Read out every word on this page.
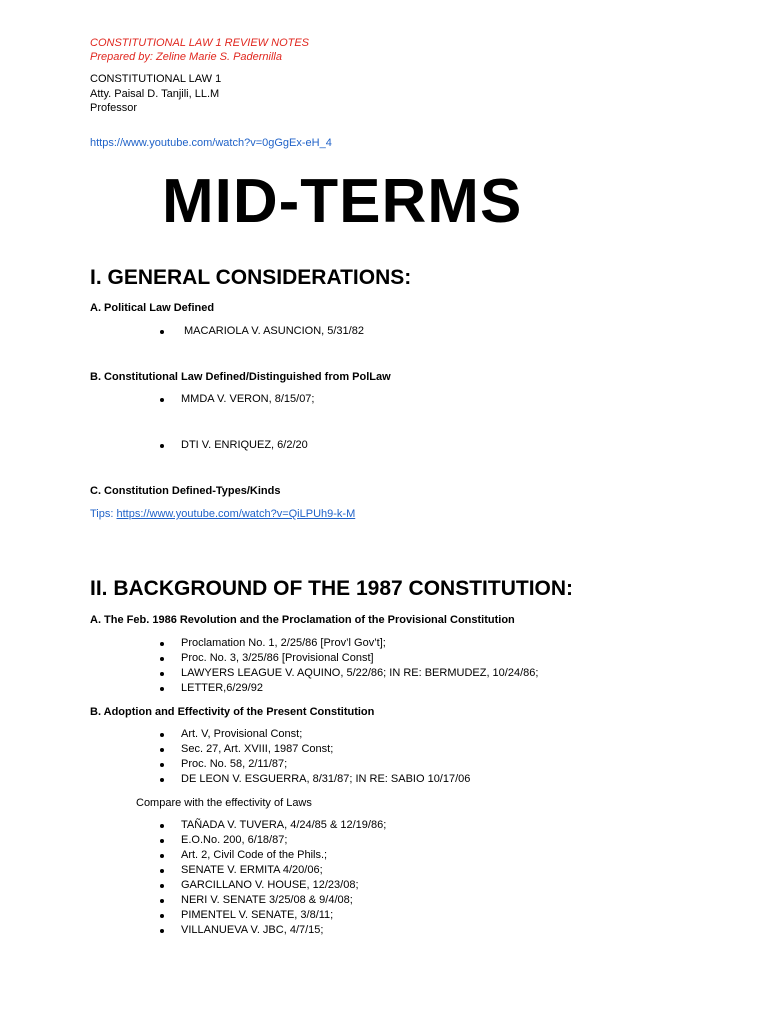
CONSTITUTIONAL LAW 1 REVIEW NOTES
Prepared by: Zeline Marie S. Padernilla
CONSTITUTIONAL LAW 1
Atty. Paisal D. Tanjili, LL.M
Professor
https://www.youtube.com/watch?v=0gGgEx-eH_4
MID-TERMS
I. GENERAL CONSIDERATIONS:
A. Political Law Defined
MACARIOLA V. ASUNCION, 5/31/82
B. Constitutional Law Defined/Distinguished from PolLaw
MMDA V. VERON, 8/15/07;
DTI V. ENRIQUEZ, 6/2/20
C. Constitution Defined-Types/Kinds
Tips: https://www.youtube.com/watch?v=QiLPUh9-k-M
II. BACKGROUND OF THE 1987 CONSTITUTION:
A. The Feb. 1986 Revolution and the Proclamation of the Provisional Constitution
Proclamation No. 1, 2/25/86 [Prov’l Gov’t];
Proc. No. 3, 3/25/86 [Provisional Const]
LAWYERS LEAGUE V. AQUINO, 5/22/86; IN RE: BERMUDEZ, 10/24/86;
LETTER,6/29/92
B. Adoption and Effectivity of the Present Constitution
Art. V, Provisional Const;
Sec. 27, Art. XVIII, 1987 Const;
Proc. No. 58, 2/11/87;
DE LEON V. ESGUERRA, 8/31/87; IN RE: SABIO 10/17/06
Compare with the effectivity of Laws
TAÑADA V. TUVERA, 4/24/85 & 12/19/86;
E.O.No. 200, 6/18/87;
Art. 2, Civil Code of the Phils.;
SENATE V. ERMITA 4/20/06;
GARCILLANO V. HOUSE, 12/23/08;
NERI V. SENATE 3/25/08 & 9/4/08;
PIMENTEL V. SENATE, 3/8/11;
VILLANUEVA V. JBC, 4/7/15;
